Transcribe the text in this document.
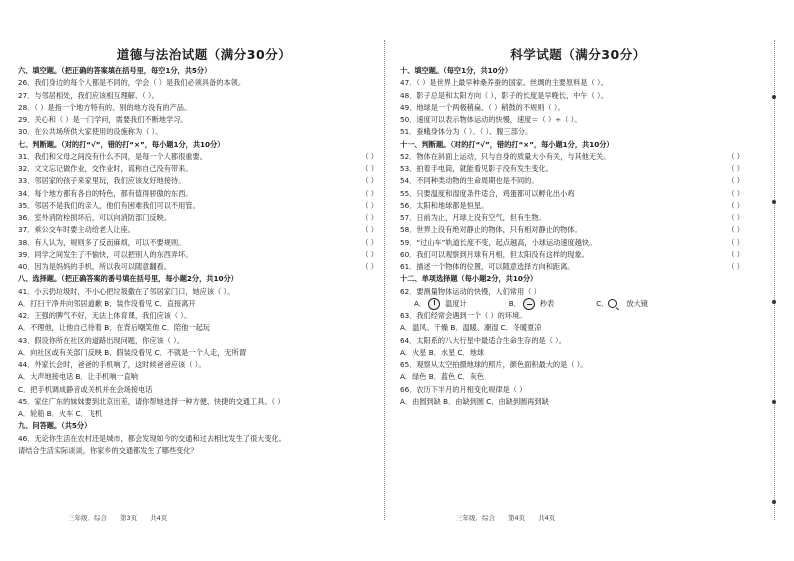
道德与法治试题（满分30分）
六、填空题。（把正确的答案填在括号里，每空1分，共5分）
26．我们身边的每个人都是不同的，学会（ ）是我们必须具备的本领。
27．与邻居相处，我们应该相互理解、（ ）。
28．（ ）是指一个地方特有的、别的地方没有的产品。
29．关心和（ ）是一门学问，需要我们不断地学习。
30．在公共场所供大家使用的设施称为（ ）。
七、判断题。（对的打“√”，错的打“×”，每小题1分，共10分）
31．我们和父母之间没有什么不同，是每一个人都很重要。	（ ）
32．文文忘记做作业，交作业时，谎称自己没有带来。	（ ）
33．邻居家的孩子来家里玩，我们应该友好地接待。	（ ）
34．每个地方都有各自的特色，都有值得骄傲的东西。	（ ）
35．邻居不是我们的亲人，他们有困难我们可以不用管。	（ ）
36．室外消防栓损坏后，可以向消防部门反映。	（ ）
37．乘公交车时要主动给老人让座。	（ ）
38．有人认为，规则多了反而麻烦，可以不要规则。	（ ）
39．同学之间发生了不愉快，可以把别人的东西弄坏。	（ ）
40．因为是妈妈的手机，所以我可以随意翻看。	（ ）
八、选择题。（把正确答案的番号填在括号里，每小题2分，共10分）
41．小云扔垃圾时，不小心把垃圾撒在了邻居家门口，她应该（ ）。
A．打扫干净并向邻居道歉 B．装作没看见 C．直接离开
42．王强的脾气不好，无法上体育课，我们应该（ ）。
A．不理他，让他自己待着 B．在背后嘲笑他 C．陪他一起玩
43．假设你所在社区的道路出现问题，你应该（ ）。
A．向社区或有关部门反映 B．假装没看见 C．不就是一个人走，无所谓
44．外家长会时，爸爸的手机响了，这时候爸爸应该（ ）。
A．大声地接电话 B．让手机响一直响
C．把手机调成静音或关机并在会场接电话
45．家住广东的妹妹要到北京出差，请你帮她选择一种方便、快捷的交通工具。（ ）
A．轮船 B．火车 C．飞机
九、问答题。（共5分）
46．无论你生活在农村还是城市，都会发现如今的交通和过去相比发生了很大变化。
请结合生活实际谈谈，你家乡的交通都发生了哪些变化？
三年级．综合　　第3页　　共4页
科学试题（满分30分）
十、填空题。（每空1分，共10分）
47．（ ）是世界上最早种桑养蚕的国家。丝绸的主要原料是（ ）。
48．影子总是和太阳方向（ ），影子的长度是早晚长，中午（ ）。
49．地球是一个两极稍扁、（ ）稍鼓的不规则（ ）。
50．速度可以表示物体运动的快慢，速度＝（ ）÷（ ）。
51．蚕蛾身体分为（ ）、（ ）、腹三部分。
十一、判断题。（对的打“√”，错的打“×”，每小题1分，共10分）
52．物体在斜面上运动，只与自身的质量大小有关，与其他无关。	（ ）
53．拍着手电筒，就能看见影子没有发生变化。	（ ）
54．不同种类动物的生命周期也是不同的。	（ ）
55．只要温度和湿度条件适合，鸡蛋都可以孵化出小鸡	（ ）
56．太阳和地球都是恒星。	（ ）
57．日前为止，月球上没有空气，但有生物。	（ ）
58．世界上没有绝对静止的物体，只有相对静止的物体。	（ ）
59．“过山车”轨道长度不变，起点越高，小球运动速度越快。	（ ）
60．我们可以观察到月球有月相，但太阳没有这样的现象。	（ ）
61．描述一个物体的位置，可以随意选择方向和距离。	（ ）
十二、单项选择题（每小题2分，共10分）
62．要测量物体运动的快慢，人们常用（ ）
A．	温度计	B．	秒表	C．	放大镜
63．我们经常会遇到一个（ ）的环境。
A．温风、干燥 B．温暖、潮湿 C．冬暖夏凉
64．太阳系的八大行星中最适合生命生存的是（ ）。
A．火星 B．水星 C．地球
65．观察从太空拍摄地球的照片，颜色面积最大的是（ ）。
A．绿色 B．蓝色 C．灰色
66．农历下半月的月相变化规律是（ ）
A．由圆到缺 B．由缺到圆 C．由缺到圆再到缺
三年级．综合　　第4页　　共4页
